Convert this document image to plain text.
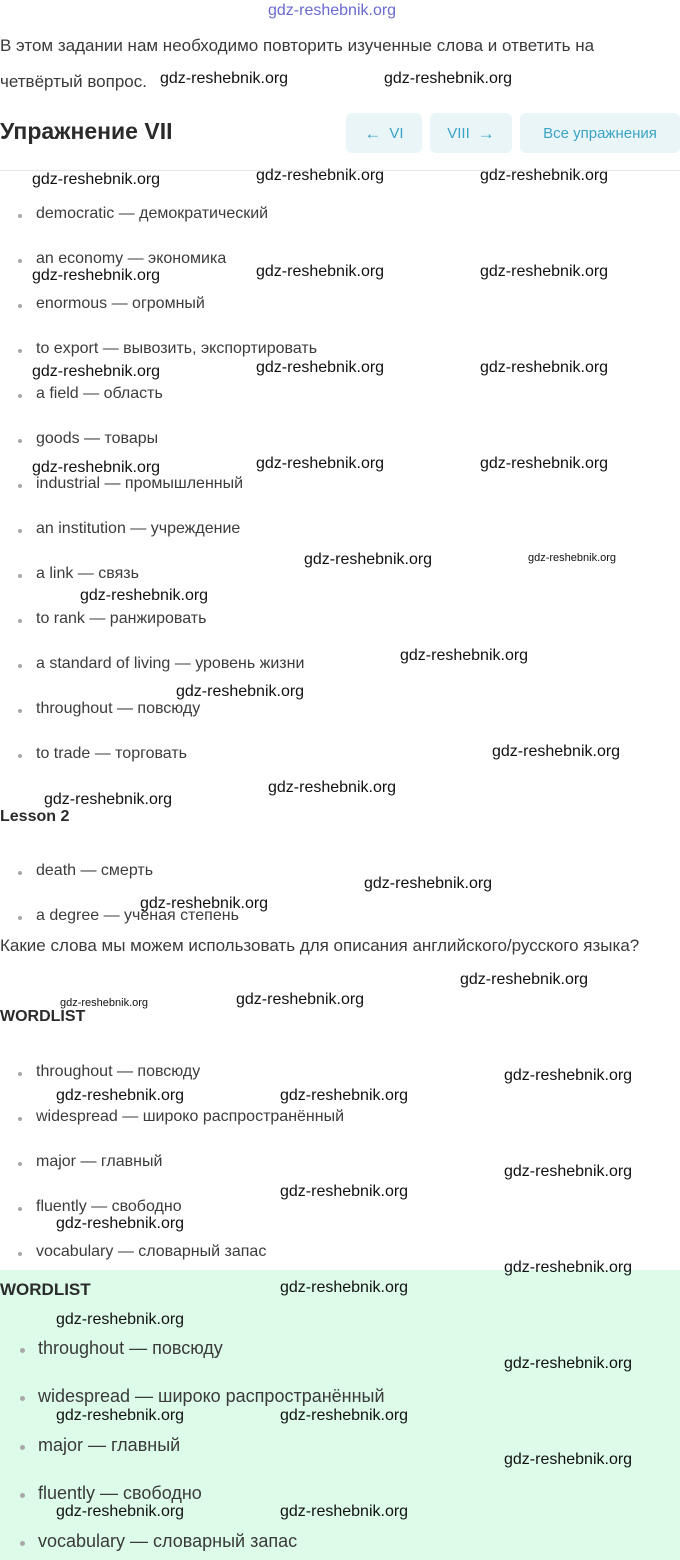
gdz-reshebnik.org

В этом задании нам необходимо повторить изученные слова и ответить на четвёртый вопрос.

Упражнение VII	← VI	VIII →	Все упражнения
democratic — демократический
an economy — экономика
enormous — огромный
to export — вывозить, экспортировать
a field — область
goods — товары
industrial — промышленный
an institution — учреждение
a link — связь
to rank — ранжировать
a standard of living — уровень жизни
throughout — повсюду
to trade — торговать
Lesson 2
death — смерть
a degree — учёная степень

Какие слова мы можем использовать для описания английского/русского языка?

WORDLIST
throughout — повсюду
widespread — широко распространённый
major — главный
fluently — свободно
vocabulary — словарный запас
WORDLIST
throughout — повсюду
widespread — широко распространённый
major — главный
fluently — свободно
vocabulary — словарный запас
gdz-reshebnik.org	gdz-reshebnik.org
gdz-reshebnik.org	gdz-reshebnik.org	gdz-reshebnik.org
gdz-reshebnik.org	gdz-reshebnik.org	gdz-reshebnik.org
gdz-reshebnik.org	gdz-reshebnik.org	gdz-reshebnik.org
gdz-reshebnik.org	gdz-reshebnik.org	gdz-reshebnik.org
gdz-reshebnik.org	gdz-reshebnik.org
gdz-reshebnik.org
gdz-reshebnik.org
gdz-reshebnik.org
gdz-reshebnik.org
gdz-reshebnik.org
gdz-reshebnik.org
gdz-reshebnik.org
gdz-reshebnik.org
gdz-reshebnik.org
gdz-reshebnik.org	gdz-reshebnik.org
gdz-reshebnik.org
gdz-reshebnik.org	gdz-reshebnik.org
gdz-reshebnik.org
gdz-reshebnik.org
gdz-reshebnik.org
gdz-reshebnik.org
gdz-reshebnik.org
gdz-reshebnik.org
gdz-reshebnik.org
gdz-reshebnik.org	gdz-reshebnik.org
gdz-reshebnik.org
gdz-reshebnik.org	gdz-reshebnik.org
